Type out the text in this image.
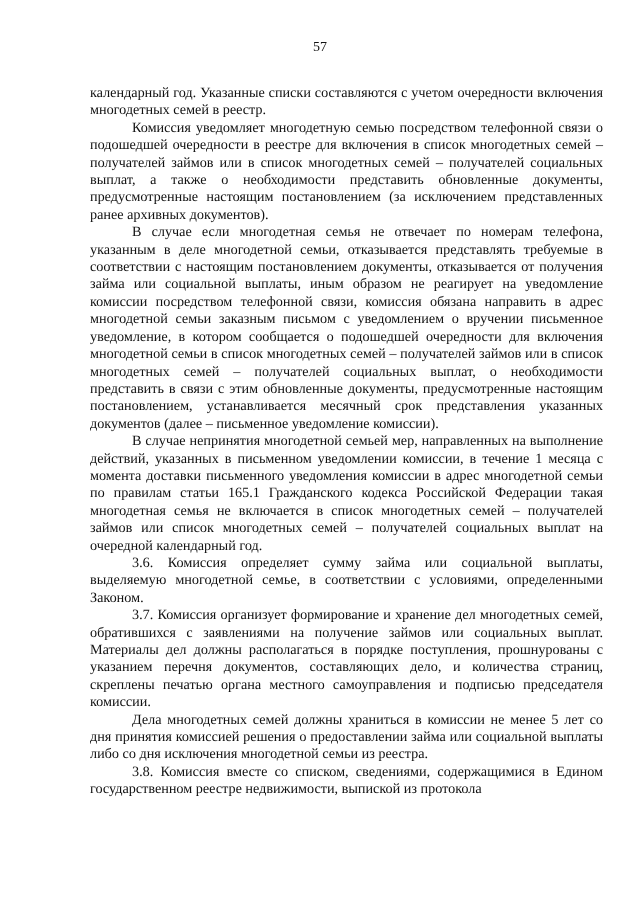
57

календарный год. Указанные списки составляются с учетом очередности включения многодетных семей в реестр.

Комиссия уведомляет многодетную семью посредством телефонной связи о подошедшей очередности в реестре для включения в список многодетных семей – получателей займов или в список многодетных семей – получателей социальных выплат, а также о необходимости представить обновленные документы, предусмотренные настоящим постановлением (за исключением представленных ранее архивных документов).

В случае если многодетная семья не отвечает по номерам телефона, указанным в деле многодетной семьи, отказывается представлять требуемые в соответствии с настоящим постановлением документы, отказывается от получения займа или социальной выплаты, иным образом не реагирует на уведомление комиссии посредством телефонной связи, комиссия обязана направить в адрес многодетной семьи заказным письмом с уведомлением о вручении письменное уведомление, в котором сообщается о подошедшей очередности для включения многодетной семьи в список многодетных семей – получателей займов или в список многодетных семей – получателей социальных выплат, о необходимости представить в связи с этим обновленные документы, предусмотренные настоящим постановлением, устанавливается месячный срок представления указанных документов (далее – письменное уведомление комиссии).

В случае непринятия многодетной семьей мер, направленных на выполнение действий, указанных в письменном уведомлении комиссии, в течение 1 месяца с момента доставки письменного уведомления комиссии в адрес многодетной семьи по правилам статьи 165.1 Гражданского кодекса Российской Федерации такая многодетная семья не включается в список многодетных семей – получателей займов или список многодетных семей – получателей социальных выплат на очередной календарный год.

3.6. Комиссия определяет сумму займа или социальной выплаты, выделяемую многодетной семье, в соответствии с условиями, определенными Законом.

3.7. Комиссия организует формирование и хранение дел многодетных семей, обратившихся с заявлениями на получение займов или социальных выплат. Материалы дел должны располагаться в порядке поступления, прошнурованы с указанием перечня документов, составляющих дело, и количества страниц, скреплены печатью органа местного самоуправления и подписью председателя комиссии.

Дела многодетных семей должны храниться в комиссии не менее 5 лет со дня принятия комиссией решения о предоставлении займа или социальной выплаты либо со дня исключения многодетной семьи из реестра.

3.8. Комиссия вместе со списком, сведениями, содержащимися в Едином государственном реестре недвижимости, выпиской из протокола
